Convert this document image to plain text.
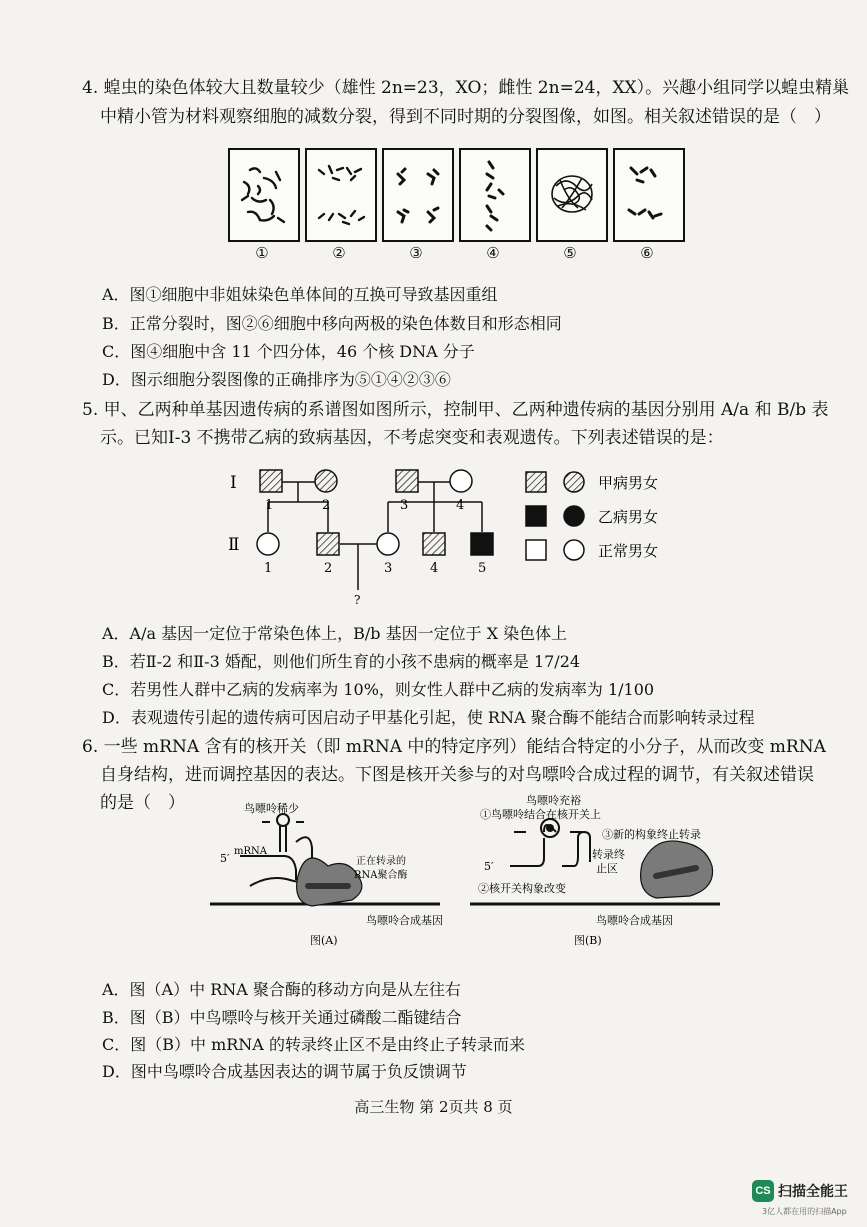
4. 蝗虫的染色体较大且数量较少（雄性 2n=23，XO；雌性 2n=24，XX）。兴趣小组同学以蝗虫精巢
中精小管为材料观察细胞的减数分裂，得到不同时期的分裂图像，如图。相关叙述错误的是（　）
①	②	③	④	⑤	⑥
A．图①细胞中非姐妹染色单体间的互换可导致基因重组
B．正常分裂时，图②⑥细胞中移向两极的染色体数目和形态相同
C．图④细胞中含 11 个四分体，46 个核 DNA 分子
D．图示细胞分裂图像的正确排序为⑤①④②③⑥
5. 甲、乙两种单基因遗传病的系谱图如图所示，控制甲、乙两种遗传病的基因分别用 A/a 和 B/b 表
示。已知Ⅰ-3 不携带乙病的致病基因，不考虑突变和表观遗传。下列表述错误的是：
Ⅰ
Ⅱ
1	2	3	4
1	2	3	4	5
?
甲病男女
乙病男女
正常男女
A．A/a 基因一定位于常染色体上，B/b 基因一定位于 X 染色体上
B．若Ⅱ-2 和Ⅱ-3 婚配，则他们所生育的小孩不患病的概率是 17/24
C．若男性人群中乙病的发病率为 10%，则女性人群中乙病的发病率为 1/100
D．表观遗传引起的遗传病可因启动子甲基化引起，使 RNA 聚合酶不能结合而影响转录过程
6. 一些 mRNA 含有的核开关（即 mRNA 中的特定序列）能结合特定的小分子，从而改变 mRNA
自身结构，进而调控基因的表达。下图是核开关参与的对鸟嘌呤合成过程的调节，有关叙述错误
的是（　）	鸟嘌呤稀少
5′
mRNA
正在转录的
RNA聚合酶
鸟嘌呤合成基因
图(A)
鸟嘌呤充裕
①鸟嘌呤结合在核开关上
③新的构象终止转录
转录终
止区
5′
②核开关构象改变
鸟嘌呤合成基因
图(B)
A．图（A）中 RNA 聚合酶的移动方向是从左往右
B．图（B）中鸟嘌呤与核开关通过磷酸二酯键结合
C．图（B）中 mRNA 的转录终止区不是由终止子转录而来
D．图中鸟嘌呤合成基因表达的调节属于负反馈调节
高三生物 第 2页共 8 页
CS 扫描全能王
3亿人都在用的扫描App
